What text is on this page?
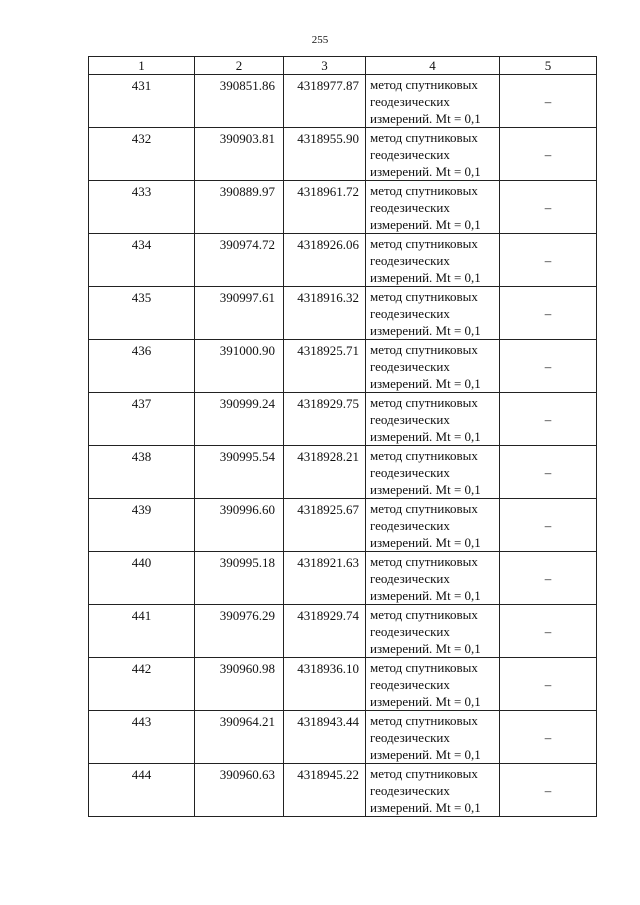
255
1	2	3	4	5
431	390851.86	4318977.87	метод спутниковых
геодезических
измерений. Mt = 0,1	–
432	390903.81	4318955.90	метод спутниковых
геодезических
измерений. Mt = 0,1	–
433	390889.97	4318961.72	метод спутниковых
геодезических
измерений. Mt = 0,1	–
434	390974.72	4318926.06	метод спутниковых
геодезических
измерений. Mt = 0,1	–
435	390997.61	4318916.32	метод спутниковых
геодезических
измерений. Mt = 0,1	–
436	391000.90	4318925.71	метод спутниковых
геодезических
измерений. Mt = 0,1	–
437	390999.24	4318929.75	метод спутниковых
геодезических
измерений. Mt = 0,1	–
438	390995.54	4318928.21	метод спутниковых
геодезических
измерений. Mt = 0,1	–
439	390996.60	4318925.67	метод спутниковых
геодезических
измерений. Mt = 0,1	–
440	390995.18	4318921.63	метод спутниковых
геодезических
измерений. Mt = 0,1	–
441	390976.29	4318929.74	метод спутниковых
геодезических
измерений. Mt = 0,1	–
442	390960.98	4318936.10	метод спутниковых
геодезических
измерений. Mt = 0,1	–
443	390964.21	4318943.44	метод спутниковых
геодезических
измерений. Mt = 0,1	–
444	390960.63	4318945.22	метод спутниковых
геодезических
измерений. Mt = 0,1	–
